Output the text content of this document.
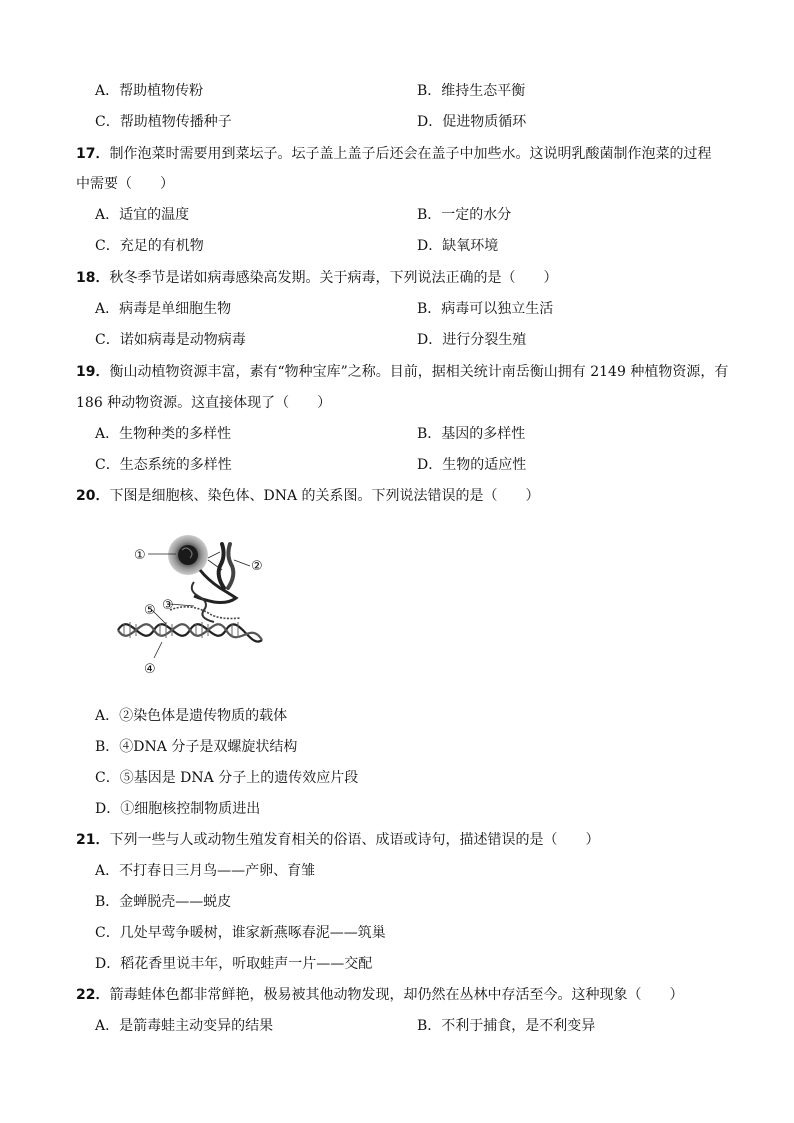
A．帮助植物传粉	B．维持生态平衡
C．帮助植物传播种子	D．促进物质循环
17．制作泡菜时需要用到菜坛子。坛子盖上盖子后还会在盖子中加些水。这说明乳酸菌制作泡菜的过程
中需要（　　）
A．适宜的温度	B．一定的水分
C．充足的有机物	D．缺氧环境
18．秋冬季节是诺如病毒感染高发期。关于病毒，下列说法正确的是（　　）
A．病毒是单细胞生物	B．病毒可以独立生活
C．诺如病毒是动物病毒	D．进行分裂生殖
19．衡山动植物资源丰富，素有“物种宝库”之称。目前，据相关统计南岳衡山拥有 2149 种植物资源，有
186 种动物资源。这直接体现了（　　）
A．生物种类的多样性	B．基因的多样性
C．生态系统的多样性	D．生物的适应性
20．下图是细胞核、染色体、DNA 的关系图。下列说法错误的是（　　）
①
②
③
④
⑤
A．②染色体是遗传物质的载体
B．④DNA 分子是双螺旋状结构
C．⑤基因是 DNA 分子上的遗传效应片段
D．①细胞核控制物质进出
21．下列一些与人或动物生殖发育相关的俗语、成语或诗句，描述错误的是（　　）
A．不打春日三月鸟——产卵、育雏
B．金蝉脱壳——蜕皮
C．几处早莺争暖树，谁家新燕啄春泥——筑巢
D．稻花香里说丰年，听取蛙声一片——交配
22．箭毒蛙体色都非常鲜艳，极易被其他动物发现，却仍然在丛林中存活至今。这种现象（　　）
A．是箭毒蛙主动变异的结果	B．不利于捕食，是不利变异
